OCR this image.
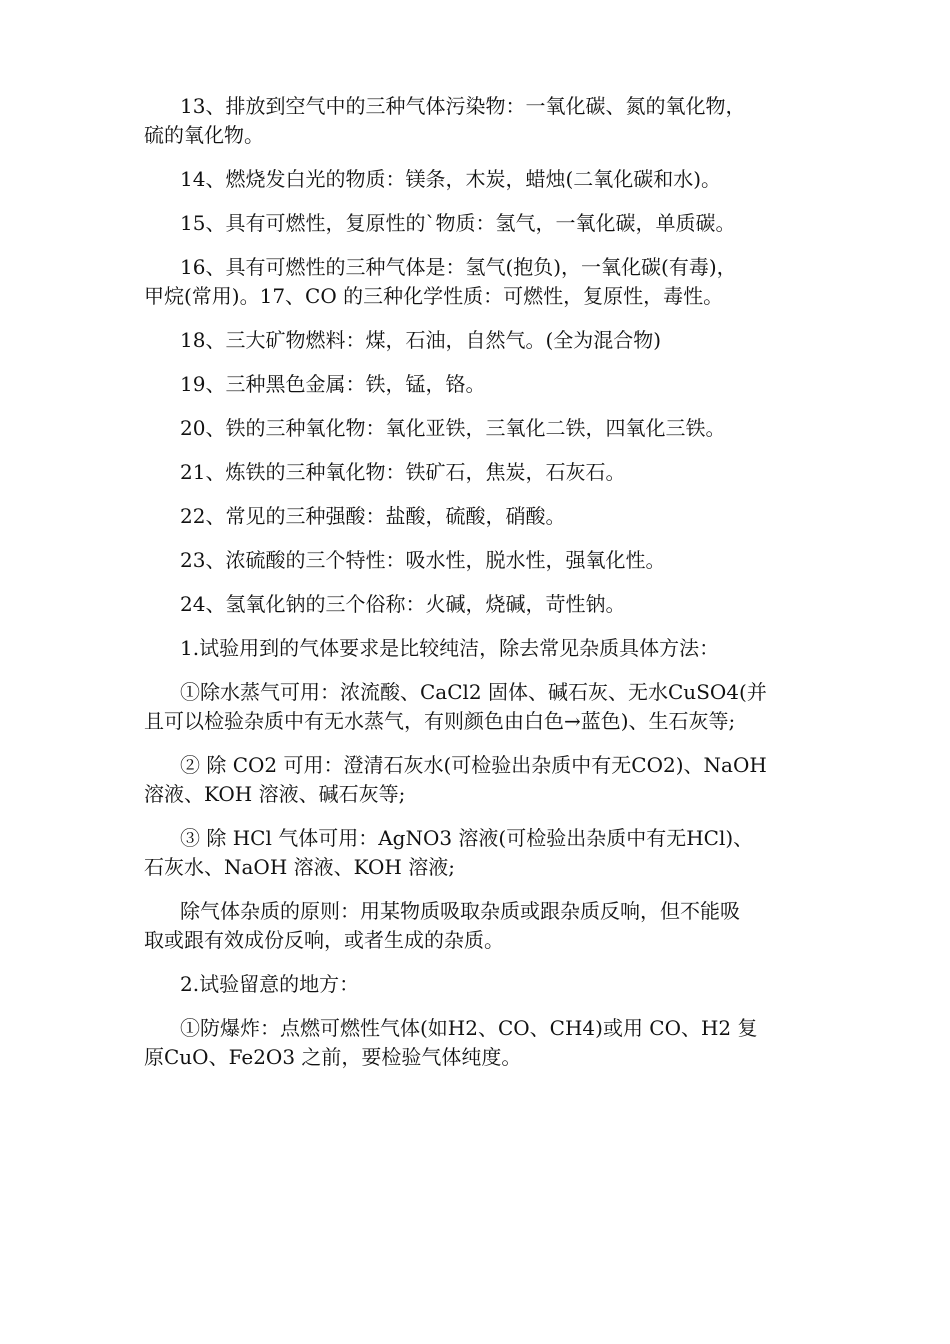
13、排放到空气中的三种气体污染物：一氧化碳、氮的氧化物，
硫的氧化物。
14、燃烧发白光的物质：镁条，木炭，蜡烛(二氧化碳和水)。
15、具有可燃性，复原性的`物质：氢气，一氧化碳，单质碳。
16、具有可燃性的三种气体是：氢气(抱负)，一氧化碳(有毒)，
甲烷(常用)。17、CO 的三种化学性质：可燃性，复原性，毒性。
18、三大矿物燃料：煤，石油，自然气。(全为混合物)
19、三种黑色金属：铁，锰，铬。
20、铁的三种氧化物：氧化亚铁，三氧化二铁，四氧化三铁。
21、炼铁的三种氧化物：铁矿石，焦炭，石灰石。
22、常见的三种强酸：盐酸，硫酸，硝酸。
23、浓硫酸的三个特性：吸水性，脱水性，强氧化性。
24、氢氧化钠的三个俗称：火碱，烧碱，苛性钠。
1.试验用到的气体要求是比较纯洁，除去常见杂质具体方法：
①除水蒸气可用：浓流酸、CaCl2 固体、碱石灰、无水CuSO4(并
且可以检验杂质中有无水蒸气，有则颜色由白色→蓝色)、生石灰等;
② 除 CO2 可用：澄清石灰水(可检验出杂质中有无CO2)、NaOH
溶液、KOH 溶液、碱石灰等;
③ 除 HCl 气体可用：AgNO3 溶液(可检验出杂质中有无HCl)、
石灰水、NaOH 溶液、KOH 溶液;
除气体杂质的原则：用某物质吸取杂质或跟杂质反响，但不能吸
取或跟有效成份反响，或者生成的杂质。
2.试验留意的地方：
①防爆炸：点燃可燃性气体(如H2、CO、CH4)或用 CO、H2 复
原CuO、Fe2O3 之前，要检验气体纯度。
